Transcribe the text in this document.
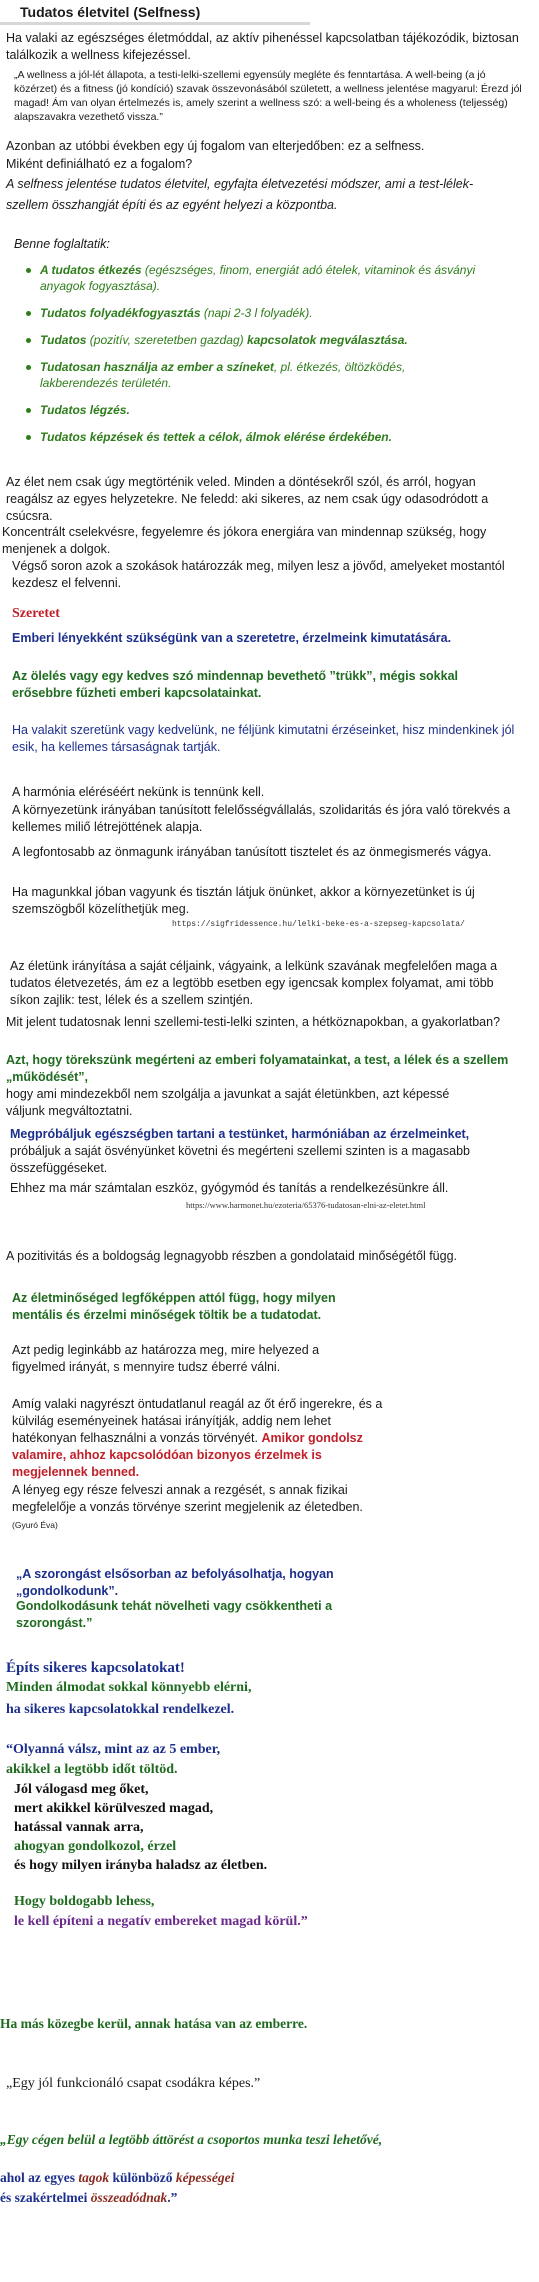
Tudatos életvitel (Selfness)
Ha valaki az egészséges életmóddal, az aktív pihenéssel kapcsolatban tájékozódik, biztosan találkozik a wellness kifejezéssel.
„A wellness a jól-lét állapota, a testi-lelki-szellemi egyensúly megléte és fenntartása. A well-being (a jó közérzet) és a fitness (jó kondíció) szavak összevonásából született, a wellness jelentése magyarul: Érezd jól magad! Ám van olyan értelmezés is, amely szerint a wellness szó: a well-being és a wholeness (teljesség) alapszavakra vezethető vissza.”
Azonban az utóbbi években egy új fogalom van elterjedőben: ez a selfness.
Miként definiálható ez a fogalom?
A selfness jelentése tudatos életvitel, egyfajta életvezetési módszer, ami a test-lélek-szellem összhangját építi és az egyént helyezi a központba.
Benne foglaltatik:
A tudatos étkezés (egészséges, finom, energiát adó ételek, vitaminok és ásványi anyagok fogyasztása).
Tudatos folyadékfogyasztás (napi 2-3 l folyadék).
Tudatos (pozitív, szeretetben gazdag) kapcsolatok megválasztása.
Tudatosan használja az ember a színeket, pl. étkezés, öltözködés, lakberendezés területén.
Tudatos légzés.
Tudatos képzések és tettek a célok, álmok elérése érdekében.
Az élet nem csak úgy megtörténik veled. Minden a döntésekről szól, és arról, hogyan reagálsz az egyes helyzetekre. Ne feledd: aki sikeres, az nem csak úgy odasodródott a csúcsra.
Koncentrált cselekvésre, fegyelemre és jókora energiára van mindennap szükség, hogy menjenek a dolgok.
Végső soron azok a szokások határozzák meg, milyen lesz a jövőd, amelyeket mostantól kezdesz el felvenni.
Szeretet
Emberi lényekként szükségünk van a szeretetre, érzelmeink kimutatására.
Az ölelés vagy egy kedves szó mindennap bevethető ”trükk”, mégis sokkal erősebbre fűzheti emberi kapcsolatainkat.
Ha valakit szeretünk vagy kedvelünk, ne féljünk kimutatni érzéseinket, hisz mindenkinek jól esik, ha kellemes társaságnak tartják.
A harmónia eléréséért nekünk is tennünk kell.
A környezetünk irányában tanúsított felelősségvállalás, szolidaritás és jóra való törekvés a kellemes miliő létrejöttének alapja.
A legfontosabb az önmagunk irányában tanúsított tisztelet és az önmegismerés vágya.
Ha magunkkal jóban vagyunk és tisztán látjuk önünket, akkor a környezetünket is új szemszögből közelíthetjük meg.
https://sigfridessence.hu/lelki-beke-es-a-szepseg-kapcsolata/
Az életünk irányítása a saját céljaink, vágyaink, a lelkünk szavának megfelelően maga a tudatos életvezetés, ám ez a legtöbb esetben egy igencsak komplex folyamat, ami több síkon zajlik: test, lélek és a szellem szintjén.
Mit jelent tudatosnak lenni szellemi-testi-lelki szinten, a hétköznapokban, a gyakorlatban?
Azt, hogy törekszünk megérteni az emberi folyamatainkat, a test, a lélek és a szellem „működését”,
hogy ami mindezekből nem szolgálja a javunkat a saját életünkben, azt képessé váljunk megváltoztatni.
Megpróbáljuk egészségben tartani a testünket, harmóniában az érzelmeinket, próbáljuk a saját ösvényünket követni és megérteni szellemi szinten is a magasabb összefüggéseket.
Ehhez ma már számtalan eszköz, gyógymód és tanítás a rendelkezésünkre áll.
https://www.harmonet.hu/ezoteria/65376-tudatosan-elni-az-eletet.html
A pozitivitás és a boldogság legnagyobb részben a gondolataid minőségétől függ.
Az életminőséged legfőképpen attól függ, hogy milyen mentális és érzelmi minőségek töltik be a tudatodat.
Azt pedig leginkább az határozza meg, mire helyezed a figyelmed irányát, s mennyire tudsz éberré válni.
Amíg valaki nagyrészt öntudatlanul reagál az őt érő ingerekre, és a külvilág eseményeinek hatásai irányítják, addig nem lehet hatékonyan felhasználni a vonzás törvényét. Amikor gondolsz valamire, ahhoz kapcsolódóan bizonyos érzelmek is megjelennek benned.
A lényeg egy része felveszi annak a rezgését, s annak fizikai megfelelője a vonzás törvénye szerint megjelenik az életedben. (Gyuró Éva)
„A szorongást elsősorban az befolyásolhatja, hogyan „gondolkodunk”.
Gondolkodásunk tehát növelheti vagy csökkentheti a szorongást.”
Építs sikeres kapcsolatokat!
Minden álmodat sokkal könnyebb elérni,
ha sikeres kapcsolatokkal rendelkezel.
“Olyanná válsz, mint az az 5 ember,
akikkel a legtöbb időt töltöd.
Jól válogasd meg őket,
mert akikkel körülveszed magad,
hatással vannak arra,
ahogyan gondolkozol, érzel
és hogy milyen irányba haladsz az életben.
Hogy boldogabb lehess,
le kell építeni a negatív embereket magad körül.”
Ha más közegbe kerül, annak hatása van az emberre.
„Egy jól funkcionáló csapat csodákra képes.”
„Egy cégen belül a legtöbb áttörést a csoportos munka teszi lehetővé,
ahol az egyes tagok különböző képességei
és szakértelmei összeadódnak.”
